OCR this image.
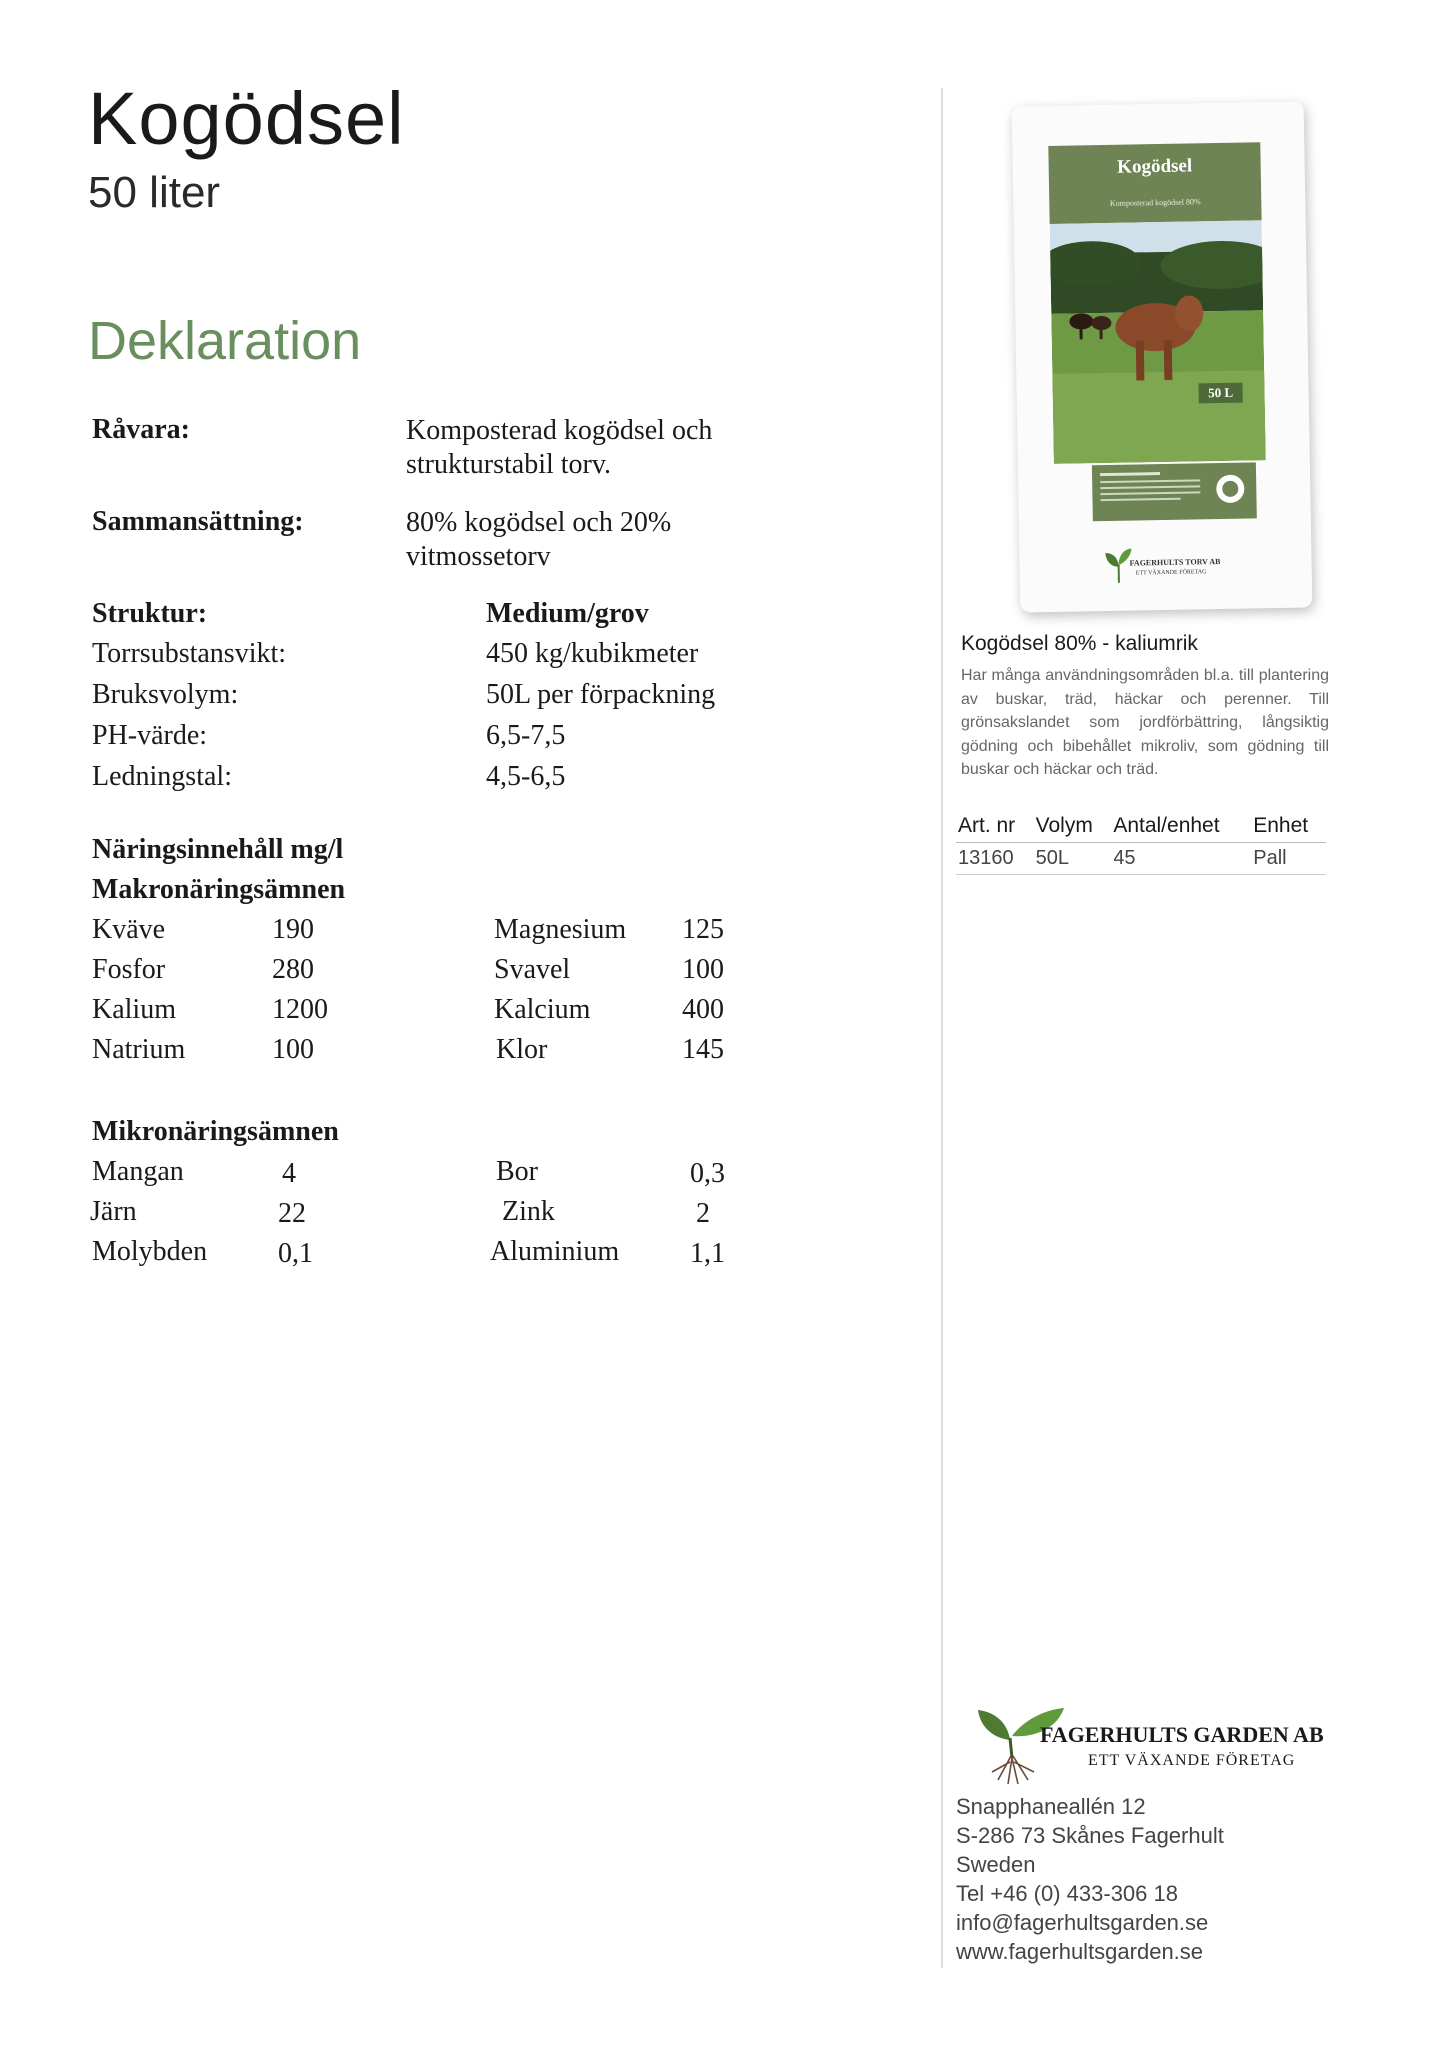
Kogödsel
50 liter
Deklaration
Råvara:	Komposterad kogödsel och
strukturstabil torv.
Sammansättning:	80% kogödsel och 20%
vitmossetorv
Struktur:	Medium/grov
Torrsubstansvikt:	450 kg/kubikmeter
Bruksvolym:	50L per förpackning
PH-värde:	6,5-7,5
Ledningstal:	4,5-6,5
Näringsinnehåll mg/l
Makronäringsämnen
Kväve	190	Magnesium 125
Fosfor	280	Svavel	100
Kalium	1200	Kalcium	400
Natrium	100	Klor	145
Mikronäringsämnen
Mangan	4	Bor	0,3
Järn	22	Zink	2
Molybden	0,1	Aluminium	1,1
Kogödsel
Komposterad kogödsel 80%
50 L
FAGERHULTS TORV AB
ETT VÄXANDE FÖRETAG
Kogödsel 80% - kaliumrik
Har många användningsområden bl.a. till plantering av buskar, träd, häckar och perenner. Till grönsakslandet som jordförbättring, långsiktig gödning och bibehållet mikroliv, som gödning till buskar och häckar och träd.
Art. nr	Volym	Antal/enhet	Enhet
13160	50L	45	Pall
FAGERHULTS GARDEN AB
ETT VÄXANDE FÖRETAG
Snapphaneallén 12
S-286 73 Skånes Fagerhult
Sweden
Tel +46 (0) 433-306 18
info@fagerhultsgarden.se
www.fagerhultsgarden.se
